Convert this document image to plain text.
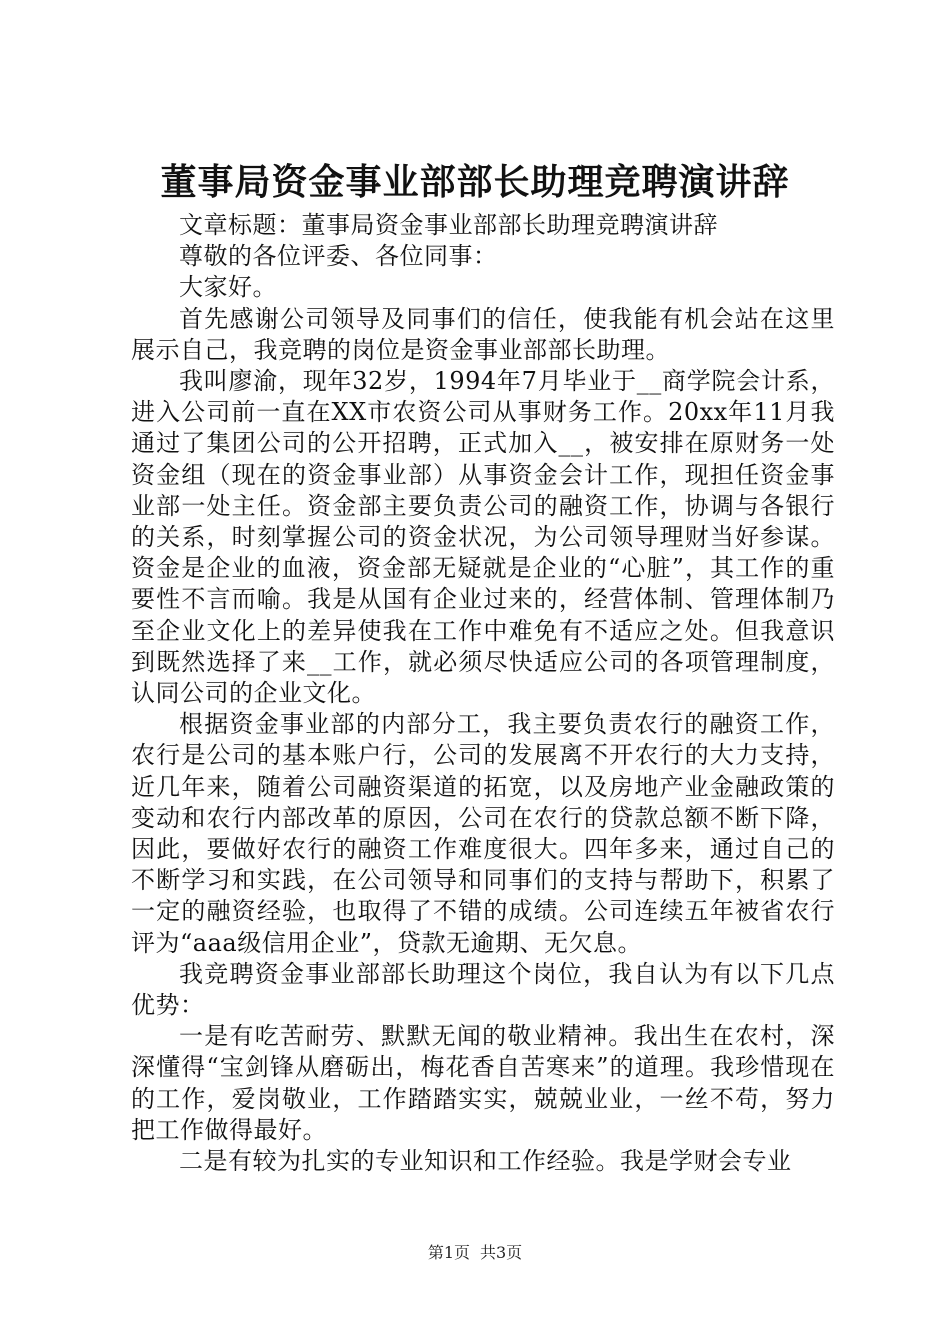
董事局资金事业部部长助理竞聘演讲辞

文章标题：董事局资金事业部部长助理竞聘演讲辞

尊敬的各位评委、各位同事：

大家好。

首先感谢公司领导及同事们的信任，使我能有机会站在这里展示自己，我竞聘的岗位是资金事业部部长助理。

我叫廖渝，现年32岁，1994年7月毕业于__商学院会计系，进入公司前一直在XX市农资公司从事财务工作。20xx年11月我通过了集团公司的公开招聘，正式加入__，被安排在原财务一处资金组（现在的资金事业部）从事资金会计工作，现担任资金事业部一处主任。资金部主要负责公司的融资工作，协调与各银行的关系，时刻掌握公司的资金状况，为公司领导理财当好参谋。资金是企业的血液，资金部无疑就是企业的“心脏”，其工作的重要性不言而喻。我是从国有企业过来的，经营体制、管理体制乃至企业文化上的差异使我在工作中难免有不适应之处。但我意识到既然选择了来__工作，就必须尽快适应公司的各项管理制度，认同公司的企业文化。

根据资金事业部的内部分工，我主要负责农行的融资工作，农行是公司的基本账户行，公司的发展离不开农行的大力支持，近几年来，随着公司融资渠道的拓宽，以及房地产业金融政策的变动和农行内部改革的原因，公司在农行的贷款总额不断下降，因此，要做好农行的融资工作难度很大。四年多来，通过自己的不断学习和实践，在公司领导和同事们的支持与帮助下，积累了一定的融资经验，也取得了不错的成绩。公司连续五年被省农行评为“aaa级信用企业”，贷款无逾期、无欠息。

我竞聘资金事业部部长助理这个岗位，我自认为有以下几点优势：

一是有吃苦耐劳、默默无闻的敬业精神。我出生在农村，深深懂得“宝剑锋从磨砺出，梅花香自苦寒来”的道理。我珍惜现在的工作，爱岗敬业，工作踏踏实实，兢兢业业，一丝不苟，努力把工作做得最好。

二是有较为扎实的专业知识和工作经验。我是学财会专业

第1页 共3页
